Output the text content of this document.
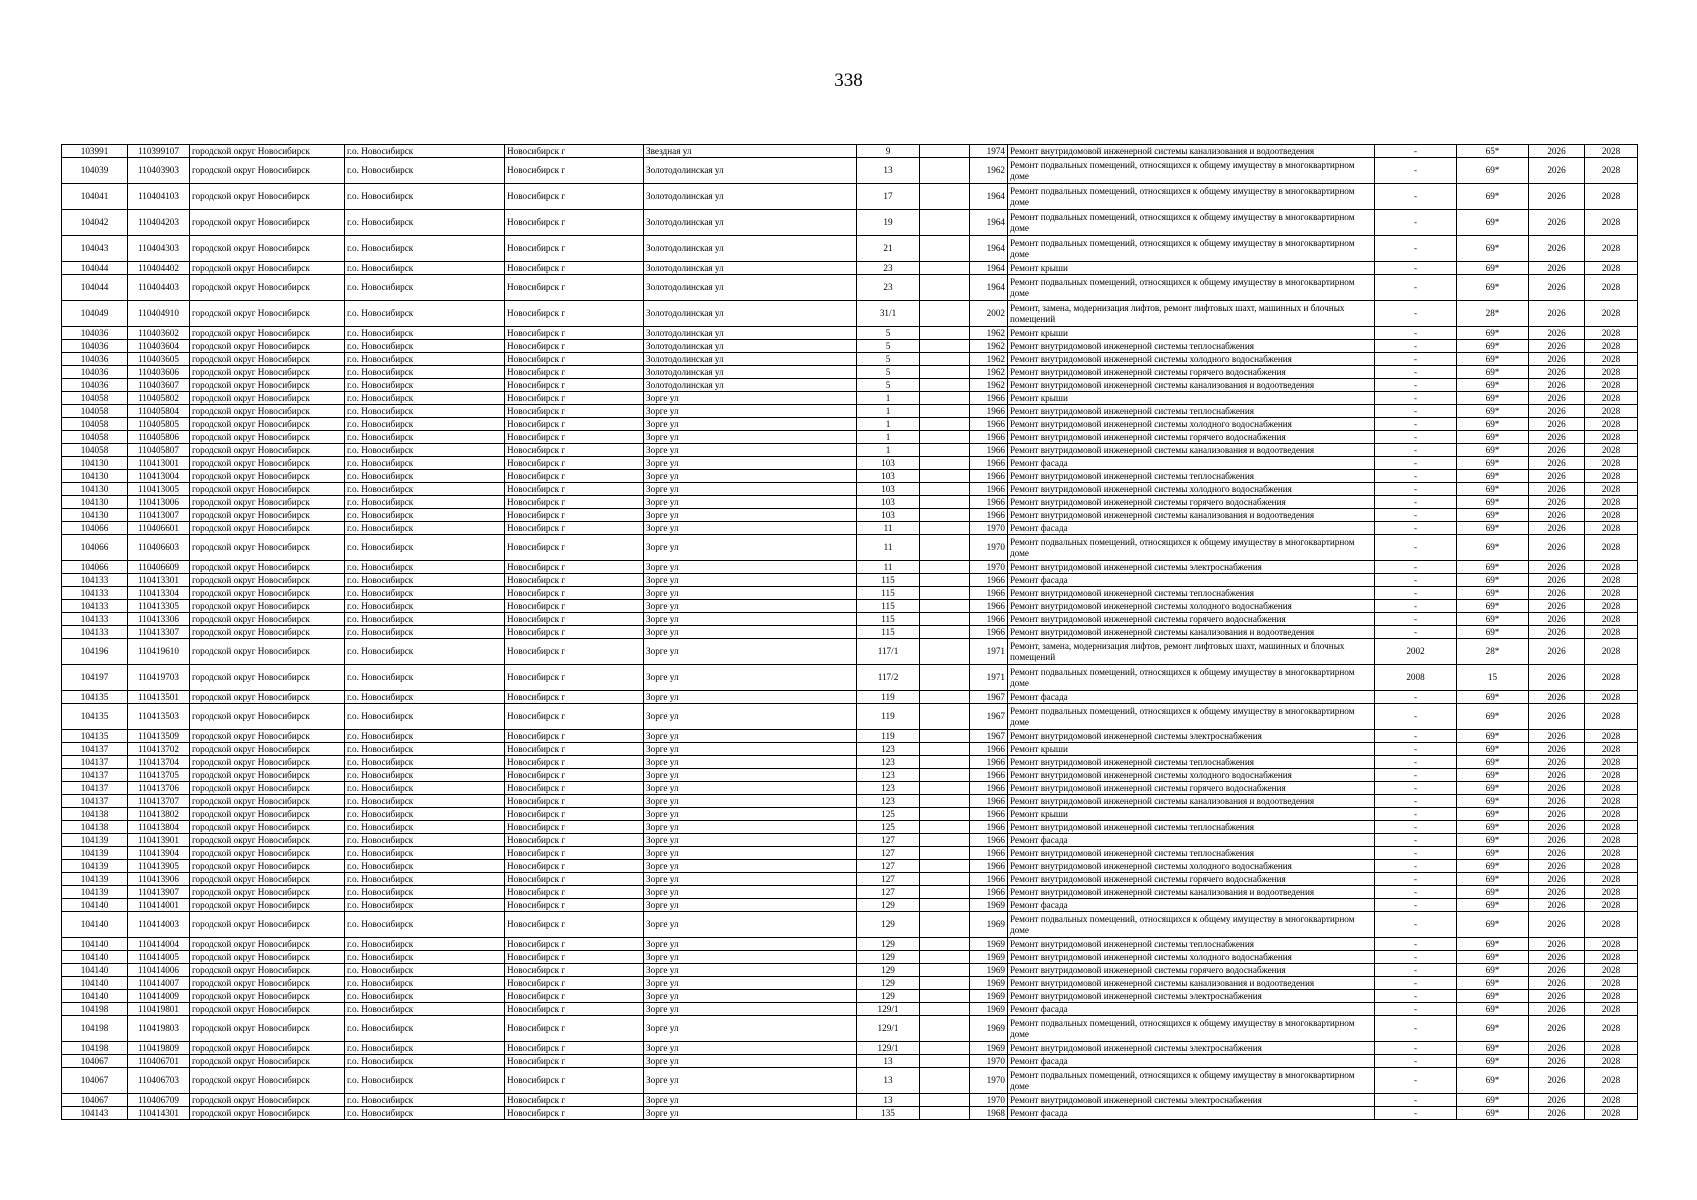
338
103991	110399107	городской округ Новосибирск	г.о. Новосибирск	Новосибирск г	Звездная ул	9		1974	Ремонт внутридомовой инженерной системы канализования и водоотведения	-	65*	2026	2028
104039	110403903	городской округ Новосибирск	г.о. Новосибирск	Новосибирск г	Золотодолинская ул	13		1962	Ремонт подвальных помещений, относящихся к общему имуществу в многоквартирном доме	-	69*	2026	2028
104041	110404103	городской округ Новосибирск	г.о. Новосибирск	Новосибирск г	Золотодолинская ул	17		1964	Ремонт подвальных помещений, относящихся к общему имуществу в многоквартирном доме	-	69*	2026	2028
104042	110404203	городской округ Новосибирск	г.о. Новосибирск	Новосибирск г	Золотодолинская ул	19		1964	Ремонт подвальных помещений, относящихся к общему имуществу в многоквартирном доме	-	69*	2026	2028
104043	110404303	городской округ Новосибирск	г.о. Новосибирск	Новосибирск г	Золотодолинская ул	21		1964	Ремонт подвальных помещений, относящихся к общему имуществу в многоквартирном доме	-	69*	2026	2028
104044	110404402	городской округ Новосибирск	г.о. Новосибирск	Новосибирск г	Золотодолинская ул	23		1964	Ремонт крыши	-	69*	2026	2028
104044	110404403	городской округ Новосибирск	г.о. Новосибирск	Новосибирск г	Золотодолинская ул	23		1964	Ремонт подвальных помещений, относящихся к общему имуществу в многоквартирном доме	-	69*	2026	2028
104049	110404910	городской округ Новосибирск	г.о. Новосибирск	Новосибирск г	Золотодолинская ул	31/1		2002	Ремонт, замена, модернизация лифтов, ремонт лифтовых шахт, машинных и блочных помещений	-	28*	2026	2028
104036	110403602	городской округ Новосибирск	г.о. Новосибирск	Новосибирск г	Золотодолинская ул	5		1962	Ремонт крыши	-	69*	2026	2028
104036	110403604	городской округ Новосибирск	г.о. Новосибирск	Новосибирск г	Золотодолинская ул	5		1962	Ремонт внутридомовой инженерной системы теплоснабжения	-	69*	2026	2028
104036	110403605	городской округ Новосибирск	г.о. Новосибирск	Новосибирск г	Золотодолинская ул	5		1962	Ремонт внутридомовой инженерной системы холодного водоснабжения	-	69*	2026	2028
104036	110403606	городской округ Новосибирск	г.о. Новосибирск	Новосибирск г	Золотодолинская ул	5		1962	Ремонт внутридомовой инженерной системы горячего водоснабжения	-	69*	2026	2028
104036	110403607	городской округ Новосибирск	г.о. Новосибирск	Новосибирск г	Золотодолинская ул	5		1962	Ремонт внутридомовой инженерной системы канализования и водоотведения	-	69*	2026	2028
104058	110405802	городской округ Новосибирск	г.о. Новосибирск	Новосибирск г	Зорге ул	1		1966	Ремонт крыши	-	69*	2026	2028
104058	110405804	городской округ Новосибирск	г.о. Новосибирск	Новосибирск г	Зорге ул	1		1966	Ремонт внутридомовой инженерной системы теплоснабжения	-	69*	2026	2028
104058	110405805	городской округ Новосибирск	г.о. Новосибирск	Новосибирск г	Зорге ул	1		1966	Ремонт внутридомовой инженерной системы холодного водоснабжения	-	69*	2026	2028
104058	110405806	городской округ Новосибирск	г.о. Новосибирск	Новосибирск г	Зорге ул	1		1966	Ремонт внутридомовой инженерной системы горячего водоснабжения	-	69*	2026	2028
104058	110405807	городской округ Новосибирск	г.о. Новосибирск	Новосибирск г	Зорге ул	1		1966	Ремонт внутридомовой инженерной системы канализования и водоотведения	-	69*	2026	2028
104130	110413001	городской округ Новосибирск	г.о. Новосибирск	Новосибирск г	Зорге ул	103		1966	Ремонт фасада	-	69*	2026	2028
104130	110413004	городской округ Новосибирск	г.о. Новосибирск	Новосибирск г	Зорге ул	103		1966	Ремонт внутридомовой инженерной системы теплоснабжения	-	69*	2026	2028
104130	110413005	городской округ Новосибирск	г.о. Новосибирск	Новосибирск г	Зорге ул	103		1966	Ремонт внутридомовой инженерной системы холодного водоснабжения	-	69*	2026	2028
104130	110413006	городской округ Новосибирск	г.о. Новосибирск	Новосибирск г	Зорге ул	103		1966	Ремонт внутридомовой инженерной системы горячего водоснабжения	-	69*	2026	2028
104130	110413007	городской округ Новосибирск	г.о. Новосибирск	Новосибирск г	Зорге ул	103		1966	Ремонт внутридомовой инженерной системы канализования и водоотведения	-	69*	2026	2028
104066	110406601	городской округ Новосибирск	г.о. Новосибирск	Новосибирск г	Зорге ул	11		1970	Ремонт фасада	-	69*	2026	2028
104066	110406603	городской округ Новосибирск	г.о. Новосибирск	Новосибирск г	Зорге ул	11		1970	Ремонт подвальных помещений, относящихся к общему имуществу в многоквартирном доме	-	69*	2026	2028
104066	110406609	городской округ Новосибирск	г.о. Новосибирск	Новосибирск г	Зорге ул	11		1970	Ремонт внутридомовой инженерной системы электроснабжения	-	69*	2026	2028
104133	110413301	городской округ Новосибирск	г.о. Новосибирск	Новосибирск г	Зорге ул	115		1966	Ремонт фасада	-	69*	2026	2028
104133	110413304	городской округ Новосибирск	г.о. Новосибирск	Новосибирск г	Зорге ул	115		1966	Ремонт внутридомовой инженерной системы теплоснабжения	-	69*	2026	2028
104133	110413305	городской округ Новосибирск	г.о. Новосибирск	Новосибирск г	Зорге ул	115		1966	Ремонт внутридомовой инженерной системы холодного водоснабжения	-	69*	2026	2028
104133	110413306	городской округ Новосибирск	г.о. Новосибирск	Новосибирск г	Зорге ул	115		1966	Ремонт внутридомовой инженерной системы горячего водоснабжения	-	69*	2026	2028
104133	110413307	городской округ Новосибирск	г.о. Новосибирск	Новосибирск г	Зорге ул	115		1966	Ремонт внутридомовой инженерной системы канализования и водоотведения	-	69*	2026	2028
104196	110419610	городской округ Новосибирск	г.о. Новосибирск	Новосибирск г	Зорге ул	117/1		1971	Ремонт, замена, модернизация лифтов, ремонт лифтовых шахт, машинных и блочных помещений	2002	28*	2026	2028
104197	110419703	городской округ Новосибирск	г.о. Новосибирск	Новосибирск г	Зорге ул	117/2		1971	Ремонт подвальных помещений, относящихся к общему имуществу в многоквартирном доме	2008	15	2026	2028
104135	110413501	городской округ Новосибирск	г.о. Новосибирск	Новосибирск г	Зорге ул	119		1967	Ремонт фасада	-	69*	2026	2028
104135	110413503	городской округ Новосибирск	г.о. Новосибирск	Новосибирск г	Зорге ул	119		1967	Ремонт подвальных помещений, относящихся к общему имуществу в многоквартирном доме	-	69*	2026	2028
104135	110413509	городской округ Новосибирск	г.о. Новосибирск	Новосибирск г	Зорге ул	119		1967	Ремонт внутридомовой инженерной системы электроснабжения	-	69*	2026	2028
104137	110413702	городской округ Новосибирск	г.о. Новосибирск	Новосибирск г	Зорге ул	123		1966	Ремонт крыши	-	69*	2026	2028
104137	110413704	городской округ Новосибирск	г.о. Новосибирск	Новосибирск г	Зорге ул	123		1966	Ремонт внутридомовой инженерной системы теплоснабжения	-	69*	2026	2028
104137	110413705	городской округ Новосибирск	г.о. Новосибирск	Новосибирск г	Зорге ул	123		1966	Ремонт внутридомовой инженерной системы холодного водоснабжения	-	69*	2026	2028
104137	110413706	городской округ Новосибирск	г.о. Новосибирск	Новосибирск г	Зорге ул	123		1966	Ремонт внутридомовой инженерной системы горячего водоснабжения	-	69*	2026	2028
104137	110413707	городской округ Новосибирск	г.о. Новосибирск	Новосибирск г	Зорге ул	123		1966	Ремонт внутридомовой инженерной системы канализования и водоотведения	-	69*	2026	2028
104138	110413802	городской округ Новосибирск	г.о. Новосибирск	Новосибирск г	Зорге ул	125		1966	Ремонт крыши	-	69*	2026	2028
104138	110413804	городской округ Новосибирск	г.о. Новосибирск	Новосибирск г	Зорге ул	125		1966	Ремонт внутридомовой инженерной системы теплоснабжения	-	69*	2026	2028
104139	110413901	городской округ Новосибирск	г.о. Новосибирск	Новосибирск г	Зорге ул	127		1966	Ремонт фасада	-	69*	2026	2028
104139	110413904	городской округ Новосибирск	г.о. Новосибирск	Новосибирск г	Зорге ул	127		1966	Ремонт внутридомовой инженерной системы теплоснабжения	-	69*	2026	2028
104139	110413905	городской округ Новосибирск	г.о. Новосибирск	Новосибирск г	Зорге ул	127		1966	Ремонт внутридомовой инженерной системы холодного водоснабжения	-	69*	2026	2028
104139	110413906	городской округ Новосибирск	г.о. Новосибирск	Новосибирск г	Зорге ул	127		1966	Ремонт внутридомовой инженерной системы горячего водоснабжения	-	69*	2026	2028
104139	110413907	городской округ Новосибирск	г.о. Новосибирск	Новосибирск г	Зорге ул	127		1966	Ремонт внутридомовой инженерной системы канализования и водоотведения	-	69*	2026	2028
104140	110414001	городской округ Новосибирск	г.о. Новосибирск	Новосибирск г	Зорге ул	129		1969	Ремонт фасада	-	69*	2026	2028
104140	110414003	городской округ Новосибирск	г.о. Новосибирск	Новосибирск г	Зорге ул	129		1969	Ремонт подвальных помещений, относящихся к общему имуществу в многоквартирном доме	-	69*	2026	2028
104140	110414004	городской округ Новосибирск	г.о. Новосибирск	Новосибирск г	Зорге ул	129		1969	Ремонт внутридомовой инженерной системы теплоснабжения	-	69*	2026	2028
104140	110414005	городской округ Новосибирск	г.о. Новосибирск	Новосибирск г	Зорге ул	129		1969	Ремонт внутридомовой инженерной системы холодного водоснабжения	-	69*	2026	2028
104140	110414006	городской округ Новосибирск	г.о. Новосибирск	Новосибирск г	Зорге ул	129		1969	Ремонт внутридомовой инженерной системы горячего водоснабжения	-	69*	2026	2028
104140	110414007	городской округ Новосибирск	г.о. Новосибирск	Новосибирск г	Зорге ул	129		1969	Ремонт внутридомовой инженерной системы канализования и водоотведения	-	69*	2026	2028
104140	110414009	городской округ Новосибирск	г.о. Новосибирск	Новосибирск г	Зорге ул	129		1969	Ремонт внутридомовой инженерной системы электроснабжения	-	69*	2026	2028
104198	110419801	городской округ Новосибирск	г.о. Новосибирск	Новосибирск г	Зорге ул	129/1		1969	Ремонт фасада	-	69*	2026	2028
104198	110419803	городской округ Новосибирск	г.о. Новосибирск	Новосибирск г	Зорге ул	129/1		1969	Ремонт подвальных помещений, относящихся к общему имуществу в многоквартирном доме	-	69*	2026	2028
104198	110419809	городской округ Новосибирск	г.о. Новосибирск	Новосибирск г	Зорге ул	129/1		1969	Ремонт внутридомовой инженерной системы электроснабжения	-	69*	2026	2028
104067	110406701	городской округ Новосибирск	г.о. Новосибирск	Новосибирск г	Зорге ул	13		1970	Ремонт фасада	-	69*	2026	2028
104067	110406703	городской округ Новосибирск	г.о. Новосибирск	Новосибирск г	Зорге ул	13		1970	Ремонт подвальных помещений, относящихся к общему имуществу в многоквартирном доме	-	69*	2026	2028
104067	110406709	городской округ Новосибирск	г.о. Новосибирск	Новосибирск г	Зорге ул	13		1970	Ремонт внутридомовой инженерной системы электроснабжения	-	69*	2026	2028
104143	110414301	городской округ Новосибирск	г.о. Новосибирск	Новосибирск г	Зорге ул	135		1968	Ремонт фасада	-	69*	2026	2028
